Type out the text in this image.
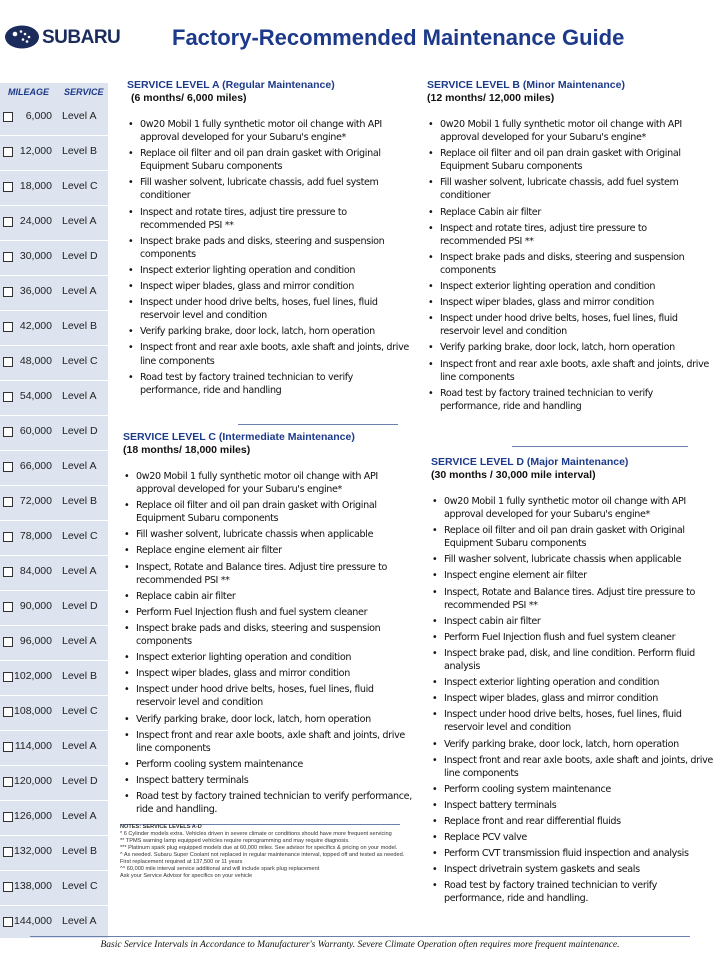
SUBARU Factory-Recommended Maintenance Guide
MILEAGE SERVICE
6,000 Level A
12,000 Level B
18,000 Level C
24,000 Level A
30,000 Level D
36,000 Level A
42,000 Level B
48,000 Level C
54,000 Level A
60,000 Level D
66,000 Level A
72,000 Level B
78,000 Level C
84,000 Level A
90,000 Level D
96,000 Level A
102,000 Level B
108,000 Level C
114,000 Level A
120,000 Level D
126,000 Level A
132,000 Level B
138,000 Level C
144,000 Level A
SERVICE LEVEL A (Regular Maintenance)
(6 months/ 6,000 miles)
• 0w20 Mobil 1 fully synthetic motor oil change with API approval developed for your Subaru's engine*
• Replace oil filter and oil pan drain gasket with Original Equipment Subaru components
• Fill washer solvent, lubricate chassis, add fuel system conditioner
• Inspect and rotate tires, adjust tire pressure to recommended PSI **
• Inspect brake pads and disks, steering and suspension components
• Inspect exterior lighting operation and condition
• Inspect wiper blades, glass and mirror condition
• Inspect under hood drive belts, hoses, fuel lines, fluid reservoir level and condition
• Verify parking brake, door lock, latch, horn operation
• Inspect front and rear axle boots, axle shaft and joints, drive line components
• Road test by factory trained technician to verify performance, ride and handling
SERVICE LEVEL B (Minor Maintenance)
(12 months/ 12,000 miles)
• 0w20 Mobil 1 fully synthetic motor oil change with API approval developed for your Subaru's engine*
• Replace oil filter and oil pan drain gasket with Original Equipment Subaru components
• Fill washer solvent, lubricate chassis, add fuel system conditioner
• Replace Cabin air filter
• Inspect and rotate tires, adjust tire pressure to recommended PSI **
• Inspect brake pads and disks, steering and suspension components
• Inspect exterior lighting operation and condition
• Inspect wiper blades, glass and mirror condition
• Inspect under hood drive belts, hoses, fuel lines, fluid reservoir level and condition
• Verify parking brake, door lock, latch, horn operation
• Inspect front and rear axle boots, axle shaft and joints, drive line components
• Road test by factory trained technician to verify performance, ride and handling
SERVICE LEVEL C (Intermediate Maintenance)
(18 months/ 18,000 miles)
• 0w20 Mobil 1 fully synthetic motor oil change with API approval developed for your Subaru's engine*
• Replace oil filter and oil pan drain gasket with Original Equipment Subaru components
• Fill washer solvent, lubricate chassis when applicable
• Replace engine element air filter
• Inspect, Rotate and Balance tires. Adjust tire pressure to recommended PSI **
• Replace cabin air filter
• Perform Fuel Injection flush and fuel system cleaner
• Inspect brake pads and disks, steering and suspension components
• Inspect exterior lighting operation and condition
• Inspect wiper blades, glass and mirror condition
• Inspect under hood drive belts, hoses, fuel lines, fluid reservoir level and condition
• Verify parking brake, door lock, latch, horn operation
• Inspect front and rear axle boots, axle shaft and joints, drive line components
• Perform cooling system maintenance
• Inspect battery terminals
• Road test by factory trained technician to verify performance, ride and handling.
SERVICE LEVEL D (Major Maintenance)
(30 months / 30,000 mile interval)
• 0w20 Mobil 1 fully synthetic motor oil change with API approval developed for your Subaru's engine*
• Replace oil filter and oil pan drain gasket with Original Equipment Subaru components
• Fill washer solvent, lubricate chassis when applicable
• Inspect engine element air filter
• Inspect, Rotate and Balance tires. Adjust tire pressure to recommended PSI **
• Inspect cabin air filter
• Perform Fuel Injection flush and fuel system cleaner
• Inspect brake pad, disk, and line condition. Perform fluid analysis
• Inspect exterior lighting operation and condition
• Inspect wiper blades, glass and mirror condition
• Inspect under hood drive belts, hoses, fuel lines, fluid reservoir level and condition
• Verify parking brake, door lock, latch, horn operation
• Inspect front and rear axle boots, axle shaft and joints, drive line components
• Perform cooling system maintenance
• Inspect battery terminals
• Replace front and rear differential fluids
• Replace PCV valve
• Perform CVT transmission fluid inspection and analysis
• Inspect drivetrain system gaskets and seals
• Road test by factory trained technician to verify performance, ride and handling.
NOTES: SERVICE LEVELS A-D
* 6 Cylinder models extra. Vehicles driven in severe climate or conditions should have more frequent servicing
** TPMS warning lamp equipped vehicles require reprogramming and may require diagnosis.
*** Platinum spark plug equipped models due at 60,000 miles. See advisor for specifics & pricing on your model.
^ As needed. Subaru Super Coolant not replaced in regular maintenance interval, topped off and tested as needed. First replacement required at 137,500 or 11 years
^^ 60,000 mile interval service additional and will include spark plug replacement
Ask your Service Advisor for specifics on your vehicle
Basic Service Intervals in Accordance to Manufacturer's Warranty. Severe Climate Operation often requires more frequent maintenance.
